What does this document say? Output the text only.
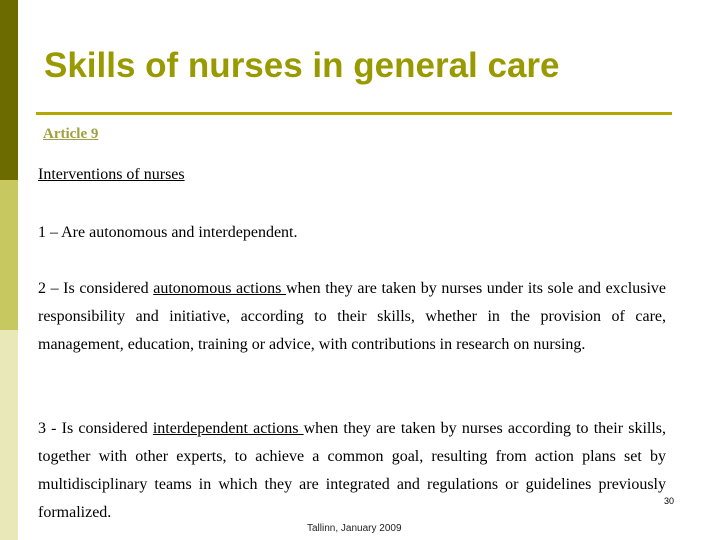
Skills of nurses in general care
Article 9
Interventions of nurses

1 – Are autonomous and interdependent.

2 – Is considered autonomous actions when they are taken by nurses under its sole and exclusive responsibility and initiative, according to their skills, whether in the provision of care, management, education, training or advice, with contributions in research on nursing.

3 - Is considered interdependent actions when they are taken by nurses according to their skills, together with other experts, to achieve a common goal, resulting from action plans set by multidisciplinary teams in which they are integrated and regulations or guidelines previously formalized.

30
Tallinn, January 2009
